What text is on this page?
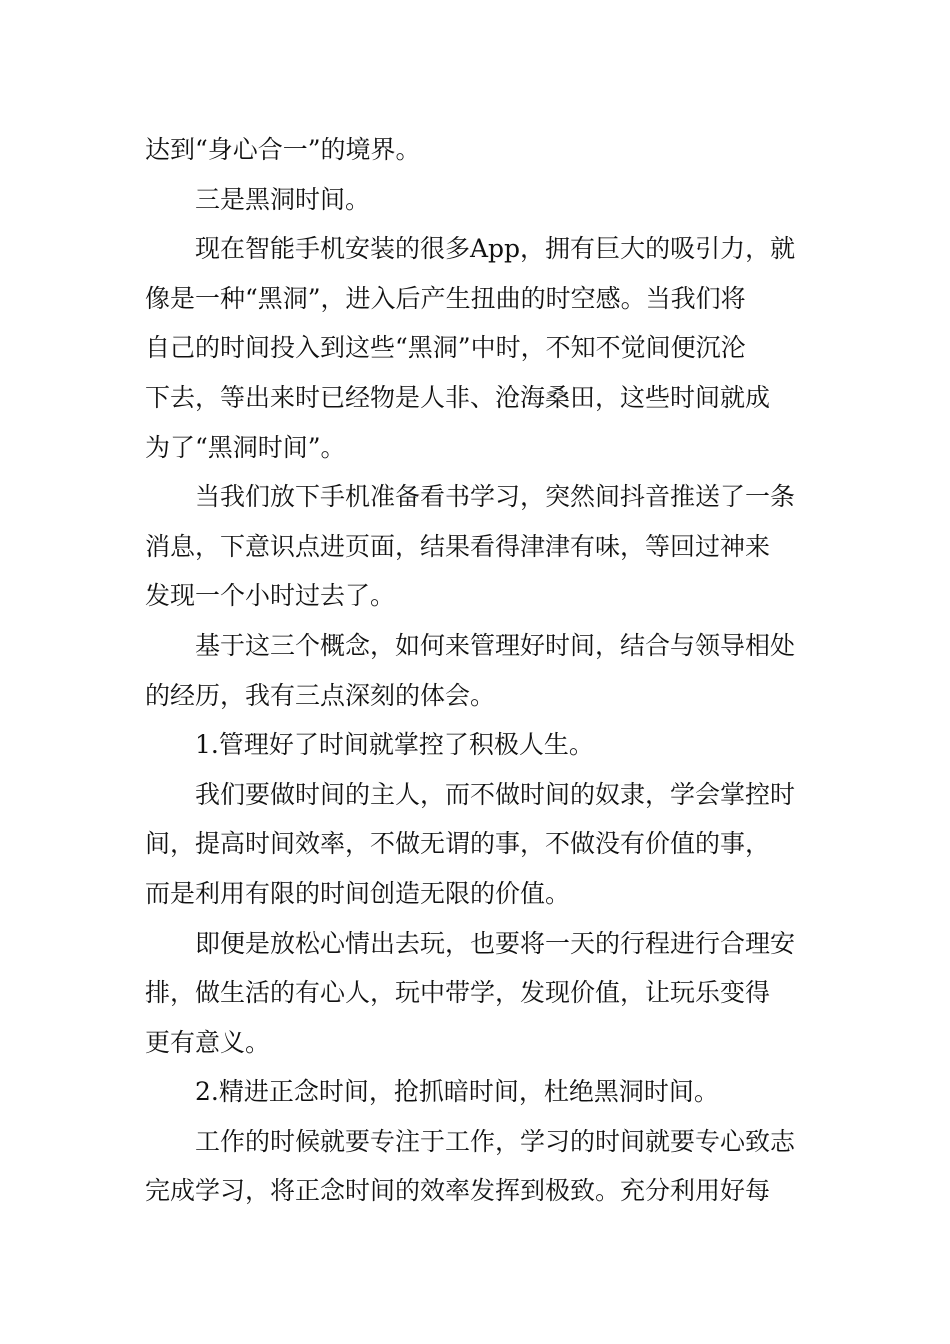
达到“身心合一”的境界。

　　三是黑洞时间。

　　现在智能手机安装的很多App，拥有巨大的吸引力，就
像是一种“黑洞”，进入后产生扭曲的时空感。当我们将
自己的时间投入到这些“黑洞”中时，不知不觉间便沉沦
下去，等出来时已经物是人非、沧海桑田，这些时间就成
为了“黑洞时间”。

　　当我们放下手机准备看书学习，突然间抖音推送了一条
消息，下意识点进页面，结果看得津津有味，等回过神来
发现一个小时过去了。

　　基于这三个概念，如何来管理好时间，结合与领导相处
的经历，我有三点深刻的体会。

　　1.管理好了时间就掌控了积极人生。

　　我们要做时间的主人，而不做时间的奴隶，学会掌控时
间，提高时间效率，不做无谓的事，不做没有价值的事，
而是利用有限的时间创造无限的价值。

　　即便是放松心情出去玩，也要将一天的行程进行合理安
排，做生活的有心人，玩中带学，发现价值，让玩乐变得
更有意义。

　　2.精进正念时间，抢抓暗时间，杜绝黑洞时间。

　　工作的时候就要专注于工作，学习的时间就要专心致志
完成学习，将正念时间的效率发挥到极致。充分利用好每
